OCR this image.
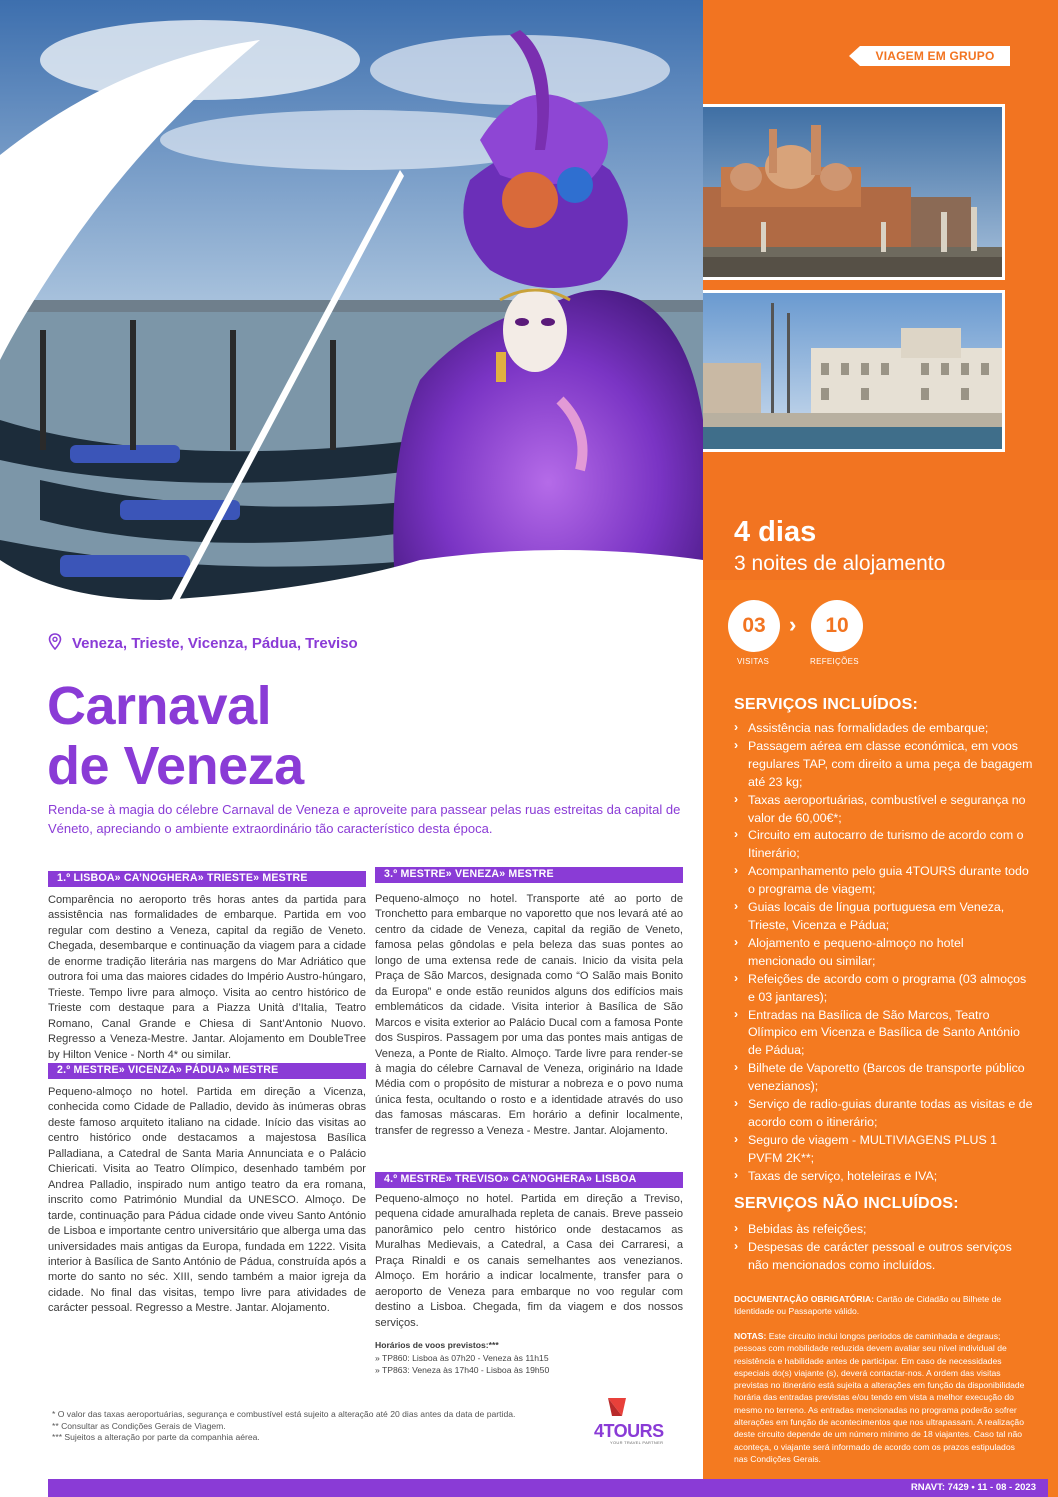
VIAGEM EM GRUPO
4 dias
3 noites de alojamento
03	›	10
VISITAS	REFEIÇÕES
SERVIÇOS INCLUÍDOS:
› Assistência nas formalidades de embarque;
› Passagem aérea em classe económica, em voos regulares TAP, com direito a uma peça de bagagem até 23 kg;
› Taxas aeroportuárias, combustível e segurança no valor de 60,00€*;
› Circuito em autocarro de turismo de acordo com o Itinerário;
› Acompanhamento pelo guia 4TOURS durante todo o programa de viagem;
› Guias locais de língua portuguesa em Veneza, Trieste, Vicenza e Pádua;
› Alojamento e pequeno-almoço no hotel mencionado ou similar;
› Refeições de acordo com o programa (03 almoços e 03 jantares);
› Entradas na Basílica de São Marcos, Teatro Olímpico em Vicenza e Basílica de Santo António de Pádua;
› Bilhete de Vaporetto (Barcos de transporte público venezianos);
› Serviço de radio-guias durante todas as visitas e de acordo com o itinerário;
› Seguro de viagem - MULTIVIAGENS PLUS 1 PVFM 2K**;
› Taxas de serviço, hoteleiras e IVA;
SERVIÇOS NÃO INCLUÍDOS:
› Bebidas às refeições;
› Despesas de carácter pessoal e outros serviços não mencionados como incluídos.
DOCUMENTAÇÃO OBRIGATÓRIA: Cartão de Cidadão ou Bilhete de Identidade ou Passaporte válido.
NOTAS: Este circuito inclui longos períodos de caminhada e degraus; pessoas com mobilidade reduzida devem avaliar seu nível individual de resistência e habilidade antes de participar. Em caso de necessidades especiais do(s) viajante (s), deverá contactar-nos. A ordem das visitas previstas no itinerário está sujeita a alterações em função da disponibilidade horária das entradas previstas e/ou tendo em vista a melhor execução do mesmo no terreno. As entradas mencionadas no programa poderão sofrer alterações em função de acontecimentos que nos ultrapassam. A realização deste circuito depende de um número mínimo de 18 viajantes. Caso tal não aconteça, o viajante será informado de acordo com os prazos estipulados nas Condições Gerais.
Veneza, Trieste, Vicenza, Pádua, Treviso
Carnaval
de Veneza
Renda-se à magia do célebre Carnaval de Veneza e aproveite para passear pelas ruas estreitas da capital de Véneto, apreciando o ambiente extraordinário tão característico desta época.
1.º LISBOA» CA’NOGHERA» TRIESTE» MESTRE
Comparência no aeroporto três horas antes da partida para assistência nas formalidades de embarque. Partida em voo regular com destino a Veneza, capital da região de Veneto. Chegada, desembarque e continuação da viagem para a cidade de enorme tradição literária nas margens do Mar Adriático que outrora foi uma das maiores cidades do Império Austro-húngaro, Trieste. Tempo livre para almoço. Visita ao centro histórico de Trieste com destaque para a Piazza Unità d’Italia, Teatro Romano, Canal Grande e Chiesa di Sant’Antonio Nuovo. Regresso a Veneza-Mestre. Jantar. Alojamento em DoubleTree by Hilton Venice - North 4* ou similar.
2.º MESTRE» VICENZA» PÁDUA» MESTRE
Pequeno-almoço no hotel. Partida em direção a Vicenza, conhecida como Cidade de Palladio, devido às inúmeras obras deste famoso arquiteto italiano na cidade. Início das visitas ao centro histórico onde destacamos a majestosa Basílica Palladiana, a Catedral de Santa Maria Annunciata e o Palácio Chiericati. Visita ao Teatro Olímpico, desenhado também por Andrea Palladio, inspirado num antigo teatro da era romana, inscrito como Património Mundial da UNESCO. Almoço. De tarde, continuação para Pádua cidade onde viveu Santo António de Lisboa e importante centro universitário que alberga uma das universidades mais antigas da Europa, fundada em 1222. Visita interior à Basílica de Santo António de Pádua, construída após a morte do santo no séc. XIII, sendo também a maior igreja da cidade. No final das visitas, tempo livre para atividades de carácter pessoal. Regresso a Mestre. Jantar. Alojamento.
3.º MESTRE» VENEZA» MESTRE
Pequeno-almoço no hotel. Transporte até ao porto de Tronchetto para embarque no vaporetto que nos levará até ao centro da cidade de Veneza, capital da região de Veneto, famosa pelas gôndolas e pela beleza das suas pontes ao longo de uma extensa rede de canais. Inicio da visita pela Praça de São Marcos, designada como “O Salão mais Bonito da Europa” e onde estão reunidos alguns dos edifícios mais emblemáticos da cidade. Visita interior à Basílica de São Marcos e visita exterior ao Palácio Ducal com a famosa Ponte dos Suspiros. Passagem por uma das pontes mais antigas de Veneza, a Ponte de Rialto. Almoço. Tarde livre para render-se à magia do célebre Carnaval de Veneza, originário na Idade Média com o propósito de misturar a nobreza e o povo numa única festa, ocultando o rosto e a identidade através do uso das famosas máscaras. Em horário a definir localmente, transfer de regresso a Veneza - Mestre. Jantar. Alojamento.
4.º MESTRE» TREVISO» CA’NOGHERA» LISBOA
Pequeno-almoço no hotel. Partida em direção a Treviso, pequena cidade amuralhada repleta de canais. Breve passeio panorâmico pelo centro histórico onde destacamos as Muralhas Medievais, a Catedral, a Casa dei Carraresi, a Praça Rinaldi e os canais semelhantes aos venezianos. Almoço. Em horário a indicar localmente, transfer para o aeroporto de Veneza para embarque no voo regular com destino a Lisboa. Chegada, fim da viagem e dos nossos serviços.
Horários de voos previstos:***
» TP860: Lisboa às 07h20 - Veneza às 11h15
» TP863: Veneza às 17h40 - Lisboa às 19h50
* O valor das taxas aeroportuárias, segurança e combustível está sujeito a alteração até 20 dias antes da data de partida.
** Consultar as Condições Gerais de Viagem.
*** Sujeitos a alteração por parte da companhia aérea.	4TOURS
YOUR TRAVEL PARTNER
RNAVT: 7429 • 11 - 08 - 2023
